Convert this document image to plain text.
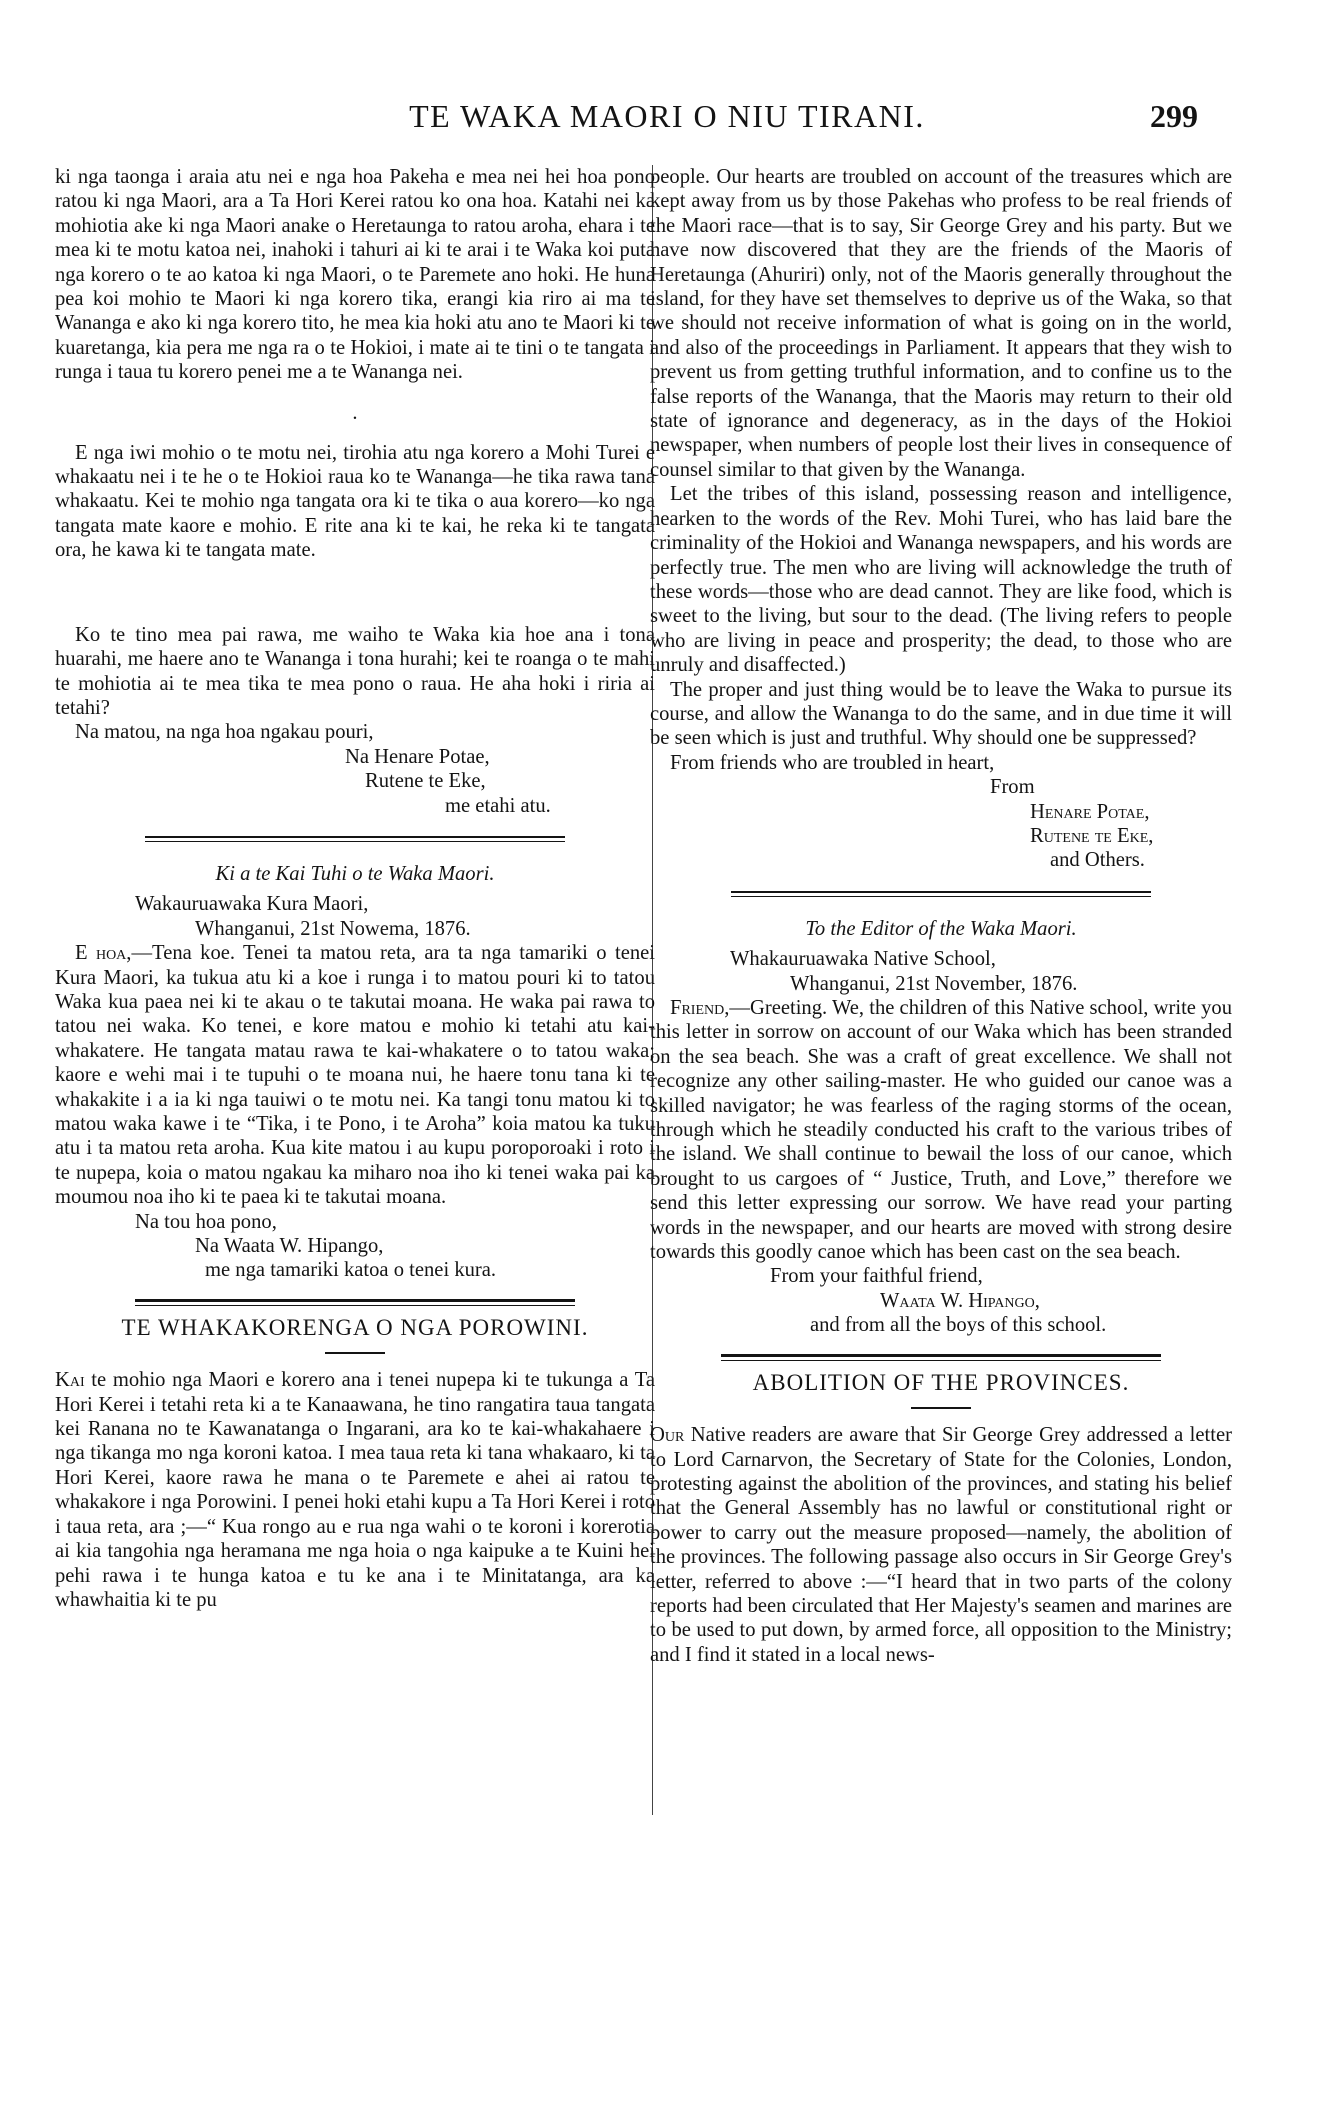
TE WAKA MAORI O NIU TIRANI.	299

ki nga taonga i araia atu nei e nga hoa Pakeha e mea nei hei hoa pono ratou ki nga Maori, ara a Ta Hori Kerei ratou ko ona hoa. Katahi nei ka mohiotia ake ki nga Maori anake o Heretaunga to ratou aroha, ehara i te mea ki te motu katoa nei, inahoki i tahuri ai ki te arai i te Waka koi puta nga korero o te ao katoa ki nga Maori, o te Paremete ano hoki. He huna pea koi mohio te Maori ki nga korero tika, erangi kia riro ai ma te Wananga e ako ki nga korero tito, he mea kia hoki atu ano te Maori ki te kuaretanga, kia pera me nga ra o te Hokioi, i mate ai te tini o te tangata i runga i taua tu korero penei me a te Wananga nei.

.

E nga iwi mohio o te motu nei, tirohia atu nga korero a Mohi Turei e whakaatu nei i te he o te Hokioi raua ko te Wananga—he tika rawa tana whakaatu. Kei te mohio nga tangata ora ki te tika o aua korero—ko nga tangata mate kaore e mohio. E rite ana ki te kai, he reka ki te tangata ora, he kawa ki te tangata mate.

Ko te tino mea pai rawa, me waiho te Waka kia hoe ana i tona huarahi, me haere ano te Wananga i tona hurahi; kei te roanga o te mahi te mohiotia ai te mea tika te mea pono o raua. He aha hoki i riria ai tetahi?

Na matou, na nga hoa ngakau pouri,

Na Henare Potae,
Rutene te Eke,
me etahi atu.
Ki a te Kai Tuhi o te Waka Maori.
Wakauruawaka Kura Maori,
Whanganui, 21st Nowema, 1876.

E hoa,—Tena koe. Tenei ta matou reta, ara ta nga tamariki o tenei Kura Maori, ka tukua atu ki a koe i runga i to matou pouri ki to tatou Waka kua paea nei ki te akau o te takutai moana. He waka pai rawa to tatou nei waka. Ko tenei, e kore matou e mohio ki tetahi atu kai-whakatere. He tangata matau rawa te kai-whakatere o to tatou waka; kaore e wehi mai i te tupuhi o te moana nui, he haere tonu tana ki te whakakite i a ia ki nga tauiwi o te motu nei. Ka tangi tonu matou ki to matou waka kawe i te “Tika, i te Pono, i te Aroha” koia matou ka tuku atu i ta matou reta aroha. Kua kite matou i au kupu poroporoaki i roto i te nupepa, koia o matou ngakau ka miharo noa iho ki tenei waka pai ka moumou noa iho ki te paea ki te takutai moana.

Na tou hoa pono,
Na Waata W. Hipango,
me nga tamariki katoa o tenei kura.
TE WHAKAKORENGA O NGA POROWINI.

Kai te mohio nga Maori e korero ana i tenei nupepa ki te tukunga a Ta Hori Kerei i tetahi reta ki a te Kanaawana, he tino rangatira taua tangata kei Ranana no te Kawanatanga o Ingarani, ara ko te kai-whakahaere i nga tikanga mo nga koroni katoa. I mea taua reta ki tana whakaaro, ki ta Hori Kerei, kaore rawa he mana o te Paremete e ahei ai ratou te whakakore i nga Porowini. I penei hoki etahi kupu a Ta Hori Kerei i roto i taua reta, ara ;—“ Kua rongo au e rua nga wahi o te koroni i korerotia ai kia tangohia nga heramana me nga hoia o nga kaipuke a te Kuini hei pehi rawa i te hunga katoa e tu ke ana i te Minitatanga, ara ka whawhaitia ki te pu

people. Our hearts are troubled on account of the treasures which are kept away from us by those Pakehas who profess to be real friends of the Maori race—that is to say, Sir George Grey and his party. But we have now discovered that they are the friends of the Maoris of Heretaunga (Ahuriri) only, not of the Maoris generally throughout the island, for they have set themselves to deprive us of the Waka, so that we should not receive information of what is going on in the world, and also of the proceedings in Parliament. It appears that they wish to prevent us from getting truthful information, and to confine us to the false reports of the Wananga, that the Maoris may return to their old state of ignorance and degeneracy, as in the days of the Hokioi newspaper, when numbers of people lost their lives in consequence of counsel similar to that given by the Wananga.

Let the tribes of this island, possessing reason and intelligence, hearken to the words of the Rev. Mohi Turei, who has laid bare the criminality of the Hokioi and Wananga newspapers, and his words are perfectly true. The men who are living will acknowledge the truth of these words—those who are dead cannot. They are like food, which is sweet to the living, but sour to the dead. (The living refers to people who are living in peace and prosperity; the dead, to those who are unruly and disaffected.)

The proper and just thing would be to leave the Waka to pursue its course, and allow the Wananga to do the same, and in due time it will be seen which is just and truthful. Why should one be suppressed?

From friends who are troubled in heart,

From
Henare Potae,
Rutene te Eke,
and Others.
To the Editor of the Waka Maori.
Whakauruawaka Native School,
Whanganui, 21st November, 1876.

Friend,—Greeting. We, the children of this Native school, write you this letter in sorrow on account of our Waka which has been stranded on the sea beach. She was a craft of great excellence. We shall not recognize any other sailing-master. He who guided our canoe was a skilled navigator; he was fearless of the raging storms of the ocean, through which he steadily conducted his craft to the various tribes of the island. We shall continue to bewail the loss of our canoe, which brought to us cargoes of “ Justice, Truth, and Love,” therefore we send this letter expressing our sorrow. We have read your parting words in the newspaper, and our hearts are moved with strong desire towards this goodly canoe which has been cast on the sea beach.

From your faithful friend,
Waata W. Hipango,
and from all the boys of this school.
ABOLITION OF THE PROVINCES.

Our Native readers are aware that Sir George Grey addressed a letter to Lord Carnarvon, the Secretary of State for the Colonies, London, protesting against the abolition of the provinces, and stating his belief that the General Assembly has no lawful or constitutional right or power to carry out the measure proposed—namely, the abolition of the provinces. The following passage also occurs in Sir George Grey's letter, referred to above :—“I heard that in two parts of the colony reports had been circulated that Her Majesty's seamen and marines are to be used to put down, by armed force, all opposition to the Ministry; and I find it stated in a local news-
